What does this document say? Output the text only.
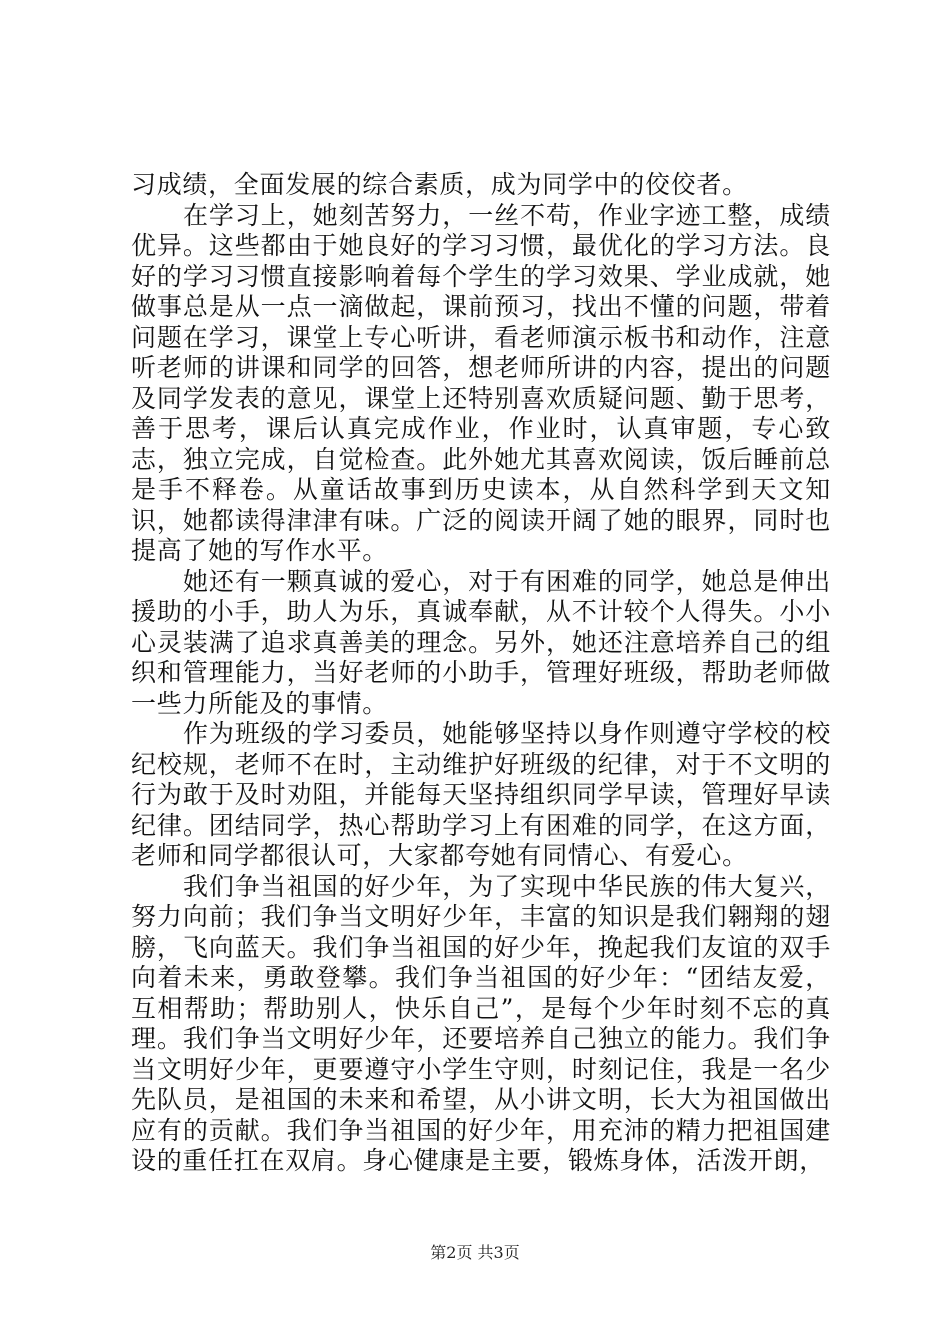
习成绩，全面发展的综合素质，成为同学中的佼佼者。

在学习上，她刻苦努力，一丝不苟，作业字迹工整，成绩优异。这些都由于她良好的学习习惯，最优化的学习方法。良好的学习习惯直接影响着每个学生的学习效果、学业成就，她做事总是从一点一滴做起，课前预习，找出不懂的问题，带着问题在学习，课堂上专心听讲，看老师演示板书和动作，注意听老师的讲课和同学的回答，想老师所讲的内容，提出的问题及同学发表的意见，课堂上还特别喜欢质疑问题、勤于思考，善于思考，课后认真完成作业，作业时，认真审题，专心致志，独立完成，自觉检查。此外她尤其喜欢阅读，饭后睡前总是手不释卷。从童话故事到历史读本，从自然科学到天文知识，她都读得津津有味。广泛的阅读开阔了她的眼界，同时也提高了她的写作水平。

她还有一颗真诚的爱心，对于有困难的同学，她总是伸出援助的小手，助人为乐，真诚奉献，从不计较个人得失。小小心灵装满了追求真善美的理念。另外，她还注意培养自己的组织和管理能力，当好老师的小助手，管理好班级，帮助老师做一些力所能及的事情。

作为班级的学习委员，她能够坚持以身作则遵守学校的校纪校规，老师不在时，主动维护好班级的纪律，对于不文明的行为敢于及时劝阻，并能每天坚持组织同学早读，管理好早读纪律。团结同学，热心帮助学习上有困难的同学，在这方面，老师和同学都很认可，大家都夸她有同情心、有爱心。

我们争当祖国的好少年，为了实现中华民族的伟大复兴，努力向前；我们争当文明好少年，丰富的知识是我们翱翔的翅膀，飞向蓝天。我们争当祖国的好少年，挽起我们友谊的双手向着未来，勇敢登攀。我们争当祖国的好少年：“团结友爱，互相帮助；帮助别人，快乐自己”，是每个少年时刻不忘的真理。我们争当文明好少年，还要培养自己独立的能力。我们争当文明好少年，更要遵守小学生守则，时刻记住，我是一名少先队员，是祖国的未来和希望，从小讲文明，长大为祖国做出应有的贡献。我们争当祖国的好少年，用充沛的精力把祖国建设的重任扛在双肩。身心健康是主要，锻炼身体，活泼开朗，

第2页 共3页
